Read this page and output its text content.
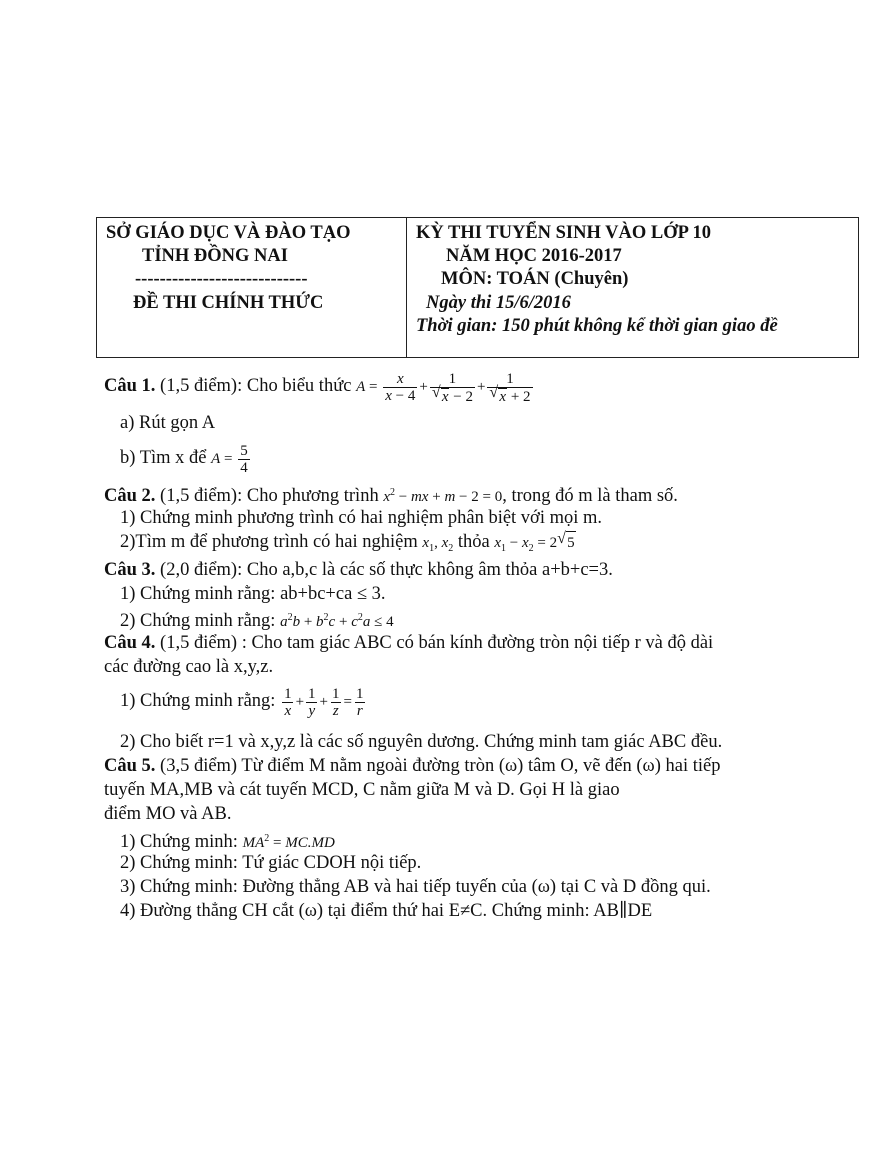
SỞ GIÁO DỤC VÀ ĐÀO TẠO
TỈNH ĐỒNG NAI
----------------------------
ĐỀ THI CHÍNH THỨC
KỲ THI TUYỂN SINH VÀO LỚP 10
NĂM HỌC 2016-2017
MÔN: TOÁN (Chuyên)
Ngày thi 15/6/2016
Thời gian: 150 phút không kể thời gian giao đề
Câu 1. (1,5 điểm): Cho biểu thức $A = \frac{x}{x - 4} + \frac{1}{√ x - 2} + \frac{1}{√ x + 2}$
a) Rút gọn A
b) Tìm x để $A = \frac{5}{4}$
Câu 2. (1,5 điểm): Cho phương trình $x^2$ − mx + m − 2 = 0, trong đó m là tham số.
1) Chứng minh phương trình có hai nghiệm phân biệt với mọi m.
2)Tìm m để phương trình có hai nghiệm $x_1$, $x_2$ thỏa $x_1 - x_2 = 2$ √ 5
Câu 3. (2,0 điểm): Cho a,b,c là các số thực không âm thỏa a+b+c=3.
1) Chứng minh rằng: ab+bc+ca ≤ 3.
2) Chứng minh rằng: $a^2b + b^2c + c^2a \le 4$
Câu 4. (1,5 điểm) : Cho tam giác ABC có bán kính đường tròn nội tiếp r và độ dài
các đường cao là x,y,z.
1) Chứng minh rằng: $\frac{1}{x} + \frac{1}{y} + \frac{1}{z} = \frac{1}{r}$
2) Cho biết r=1 và x,y,z là các số nguyên dương. Chứng minh tam giác ABC đều.
Câu 5. (3,5 điểm) Từ điểm M nằm ngoài đường tròn (ω) tâm O, vẽ đến (ω) hai tiếp
tuyến MA,MB và cát tuyến MCD, C nằm giữa M và D. Gọi H là giao
điểm MO và AB.
1) Chứng minh: $MA^2 = MC.MD$
2) Chứng minh: Tứ giác CDOH nội tiếp.
3) Chứng minh: Đường thẳng AB và hai tiếp tuyến của (ω) tại C và D đồng qui.
4) Đường thẳng CH cắt (ω) tại điểm thứ hai E≠C. Chứng minh: AB∥DE
